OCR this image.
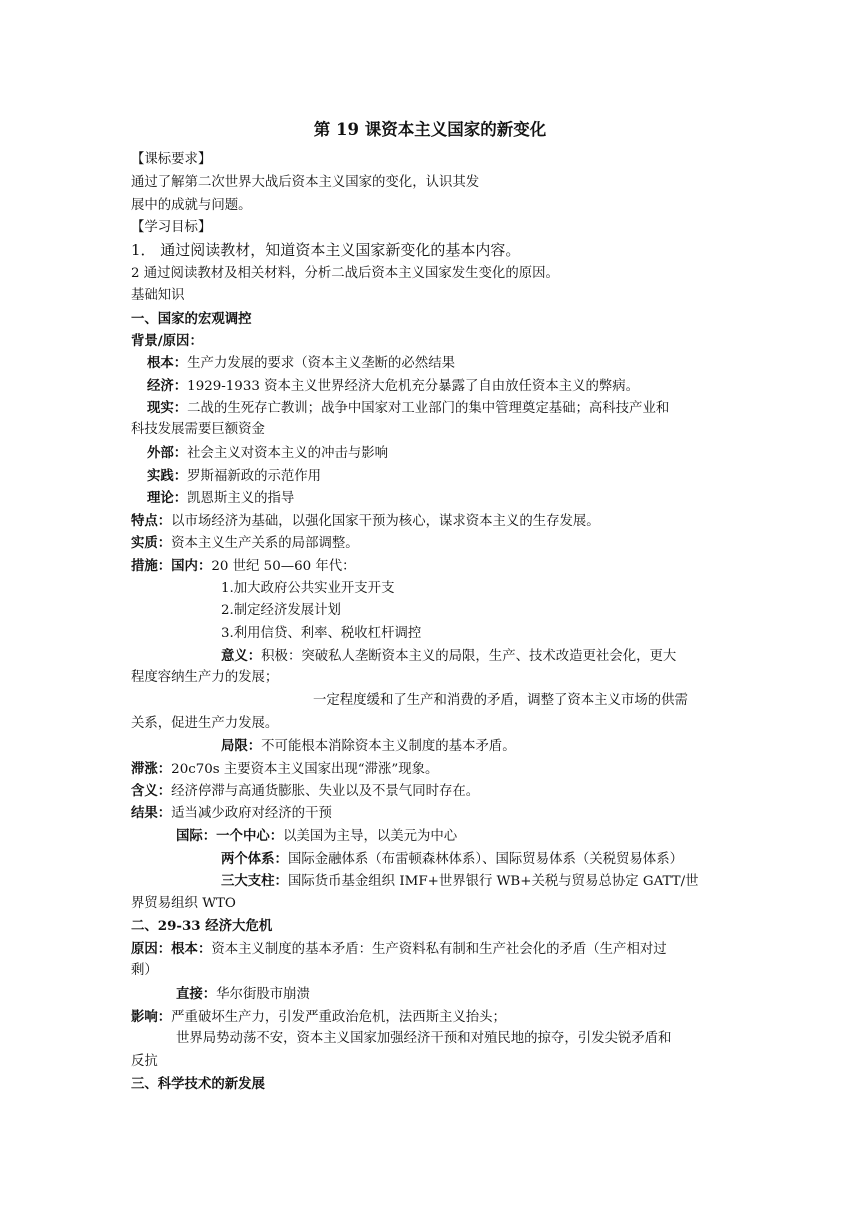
第 19 课资本主义国家的新变化
【课标要求】
通过了解第二次世界大战后资本主义国家的变化，认识其发
展中的成就与问题。
【学习目标】
1． 通过阅读教材，知道资本主义国家新变化的基本内容。
2 通过阅读教材及相关材料，分析二战后资本主义国家发生变化的原因。
基础知识
一、国家的宏观调控
背景/原因：
根本：生产力发展的要求（资本主义垄断的必然结果
经济：1929-1933 资本主义世界经济大危机充分暴露了自由放任资本主义的弊病。
现实：二战的生死存亡教训；战争中国家对工业部门的集中管理奠定基础；高科技产业和
科技发展需要巨额资金
外部：社会主义对资本主义的冲击与影响
实践：罗斯福新政的示范作用
理论：凯恩斯主义的指导
特点：以市场经济为基础，以强化国家干预为核心，谋求资本主义的生存发展。
实质：资本主义生产关系的局部调整。
措施：国内：20 世纪 50—60 年代：
1.加大政府公共实业开支开支
2.制定经济发展计划
3.利用信贷、利率、税收杠杆调控
意义：积极：突破私人垄断资本主义的局限，生产、技术改造更社会化，更大
程度容纳生产力的发展；
一定程度缓和了生产和消费的矛盾，调整了资本主义市场的供需
关系，促进生产力发展。
局限：不可能根本消除资本主义制度的基本矛盾。
滞涨：20c70s 主要资本主义国家出现“滞涨”现象。
含义：经济停滞与高通货膨胀、失业以及不景气同时存在。
结果：适当减少政府对经济的干预
国际：一个中心：以美国为主导，以美元为中心
两个体系：国际金融体系（布雷顿森林体系）、国际贸易体系（关税贸易体系）
三大支柱：国际货币基金组织 IMF+世界银行 WB+关税与贸易总协定 GATT/世
界贸易组织 WTO
二、29-33 经济大危机
原因：根本：资本主义制度的基本矛盾：生产资料私有制和生产社会化的矛盾（生产相对过
剩）
直接：华尔街股市崩溃
影响：严重破坏生产力，引发严重政治危机，法西斯主义抬头；
世界局势动荡不安，资本主义国家加强经济干预和对殖民地的掠夺，引发尖锐矛盾和
反抗
三、科学技术的新发展
